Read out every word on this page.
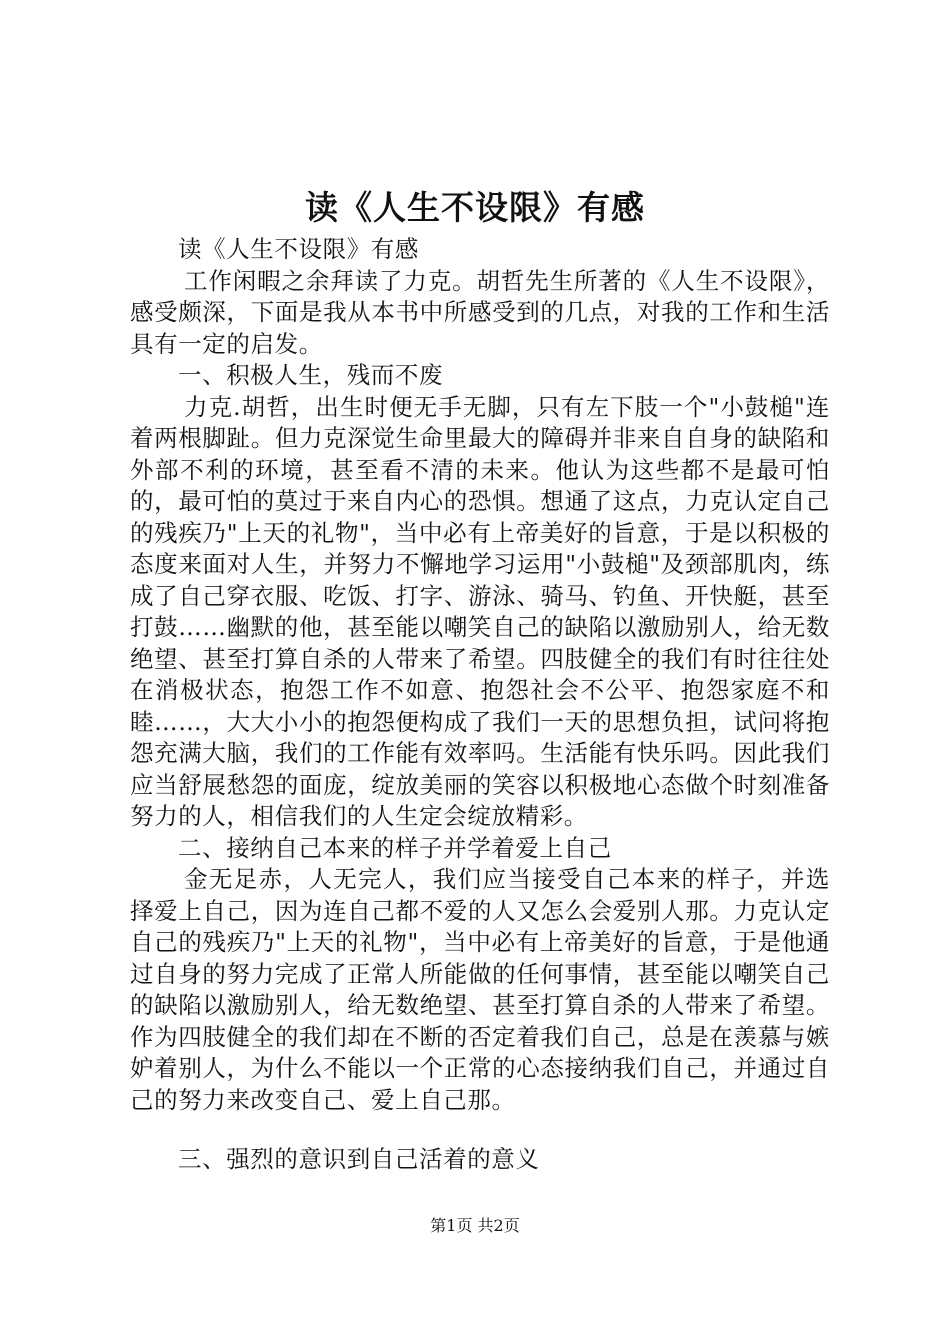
读《人生不设限》有感

读《人生不设限》有感

工作闲暇之余拜读了力克。胡哲先生所著的《人生不设限》，感受颇深，下面是我从本书中所感受到的几点，对我的工作和生活具有一定的启发。

一、积极人生，残而不废

力克.胡哲，出生时便无手无脚，只有左下肢一个"小鼓槌"连着两根脚趾。但力克深觉生命里最大的障碍并非来自自身的缺陷和外部不利的环境，甚至看不清的未来。他认为这些都不是最可怕的，最可怕的莫过于来自内心的恐惧。想通了这点，力克认定自己的残疾乃"上天的礼物"，当中必有上帝美好的旨意，于是以积极的态度来面对人生，并努力不懈地学习运用"小鼓槌"及颈部肌肉，练成了自己穿衣服、吃饭、打字、游泳、骑马、钓鱼、开快艇，甚至打鼓……幽默的他，甚至能以嘲笑自己的缺陷以激励别人，给无数绝望、甚至打算自杀的人带来了希望。四肢健全的我们有时往往处在消极状态，抱怨工作不如意、抱怨社会不公平、抱怨家庭不和睦……，大大小小的抱怨便构成了我们一天的思想负担，试问将抱怨充满大脑，我们的工作能有效率吗。生活能有快乐吗。因此我们应当舒展愁怨的面庞，绽放美丽的笑容以积极地心态做个时刻准备努力的人，相信我们的人生定会绽放精彩。

二、接纳自己本来的样子并学着爱上自己

金无足赤，人无完人，我们应当接受自己本来的样子，并选择爱上自己，因为连自己都不爱的人又怎么会爱别人那。力克认定自己的残疾乃"上天的礼物"，当中必有上帝美好的旨意，于是他通过自身的努力完成了正常人所能做的任何事情，甚至能以嘲笑自己的缺陷以激励别人，给无数绝望、甚至打算自杀的人带来了希望。作为四肢健全的我们却在不断的否定着我们自己，总是在羡慕与嫉妒着别人，为什么不能以一个正常的心态接纳我们自己，并通过自己的努力来改变自己、爱上自己那。

三、强烈的意识到自己活着的意义

第1页 共2页
